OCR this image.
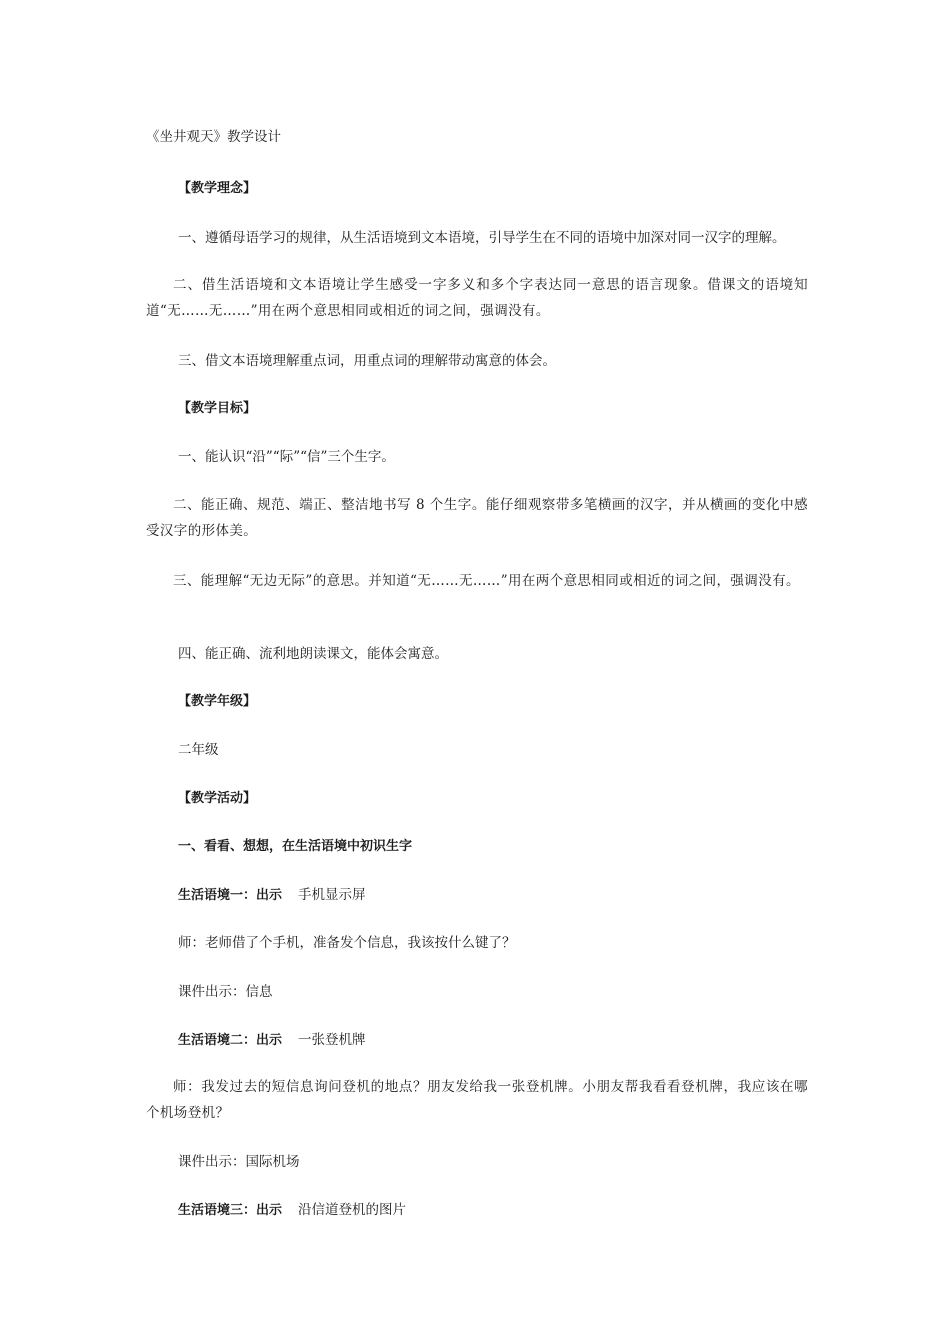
《坐井观天》教学设计
【教学理念】
一、遵循母语学习的规律，从生活语境到文本语境，引导学生在不同的语境中加深对同一汉字的理解。
二、借生活语境和文本语境让学生感受一字多义和多个字表达同一意思的语言现象。借课文的语境知道“无……无……”用在两个意思相同或相近的词之间，强调没有。
三、借文本语境理解重点词，用重点词的理解带动寓意的体会。
【教学目标】
一、能认识“沿”“际”“信”三个生字。
二、能正确、规范、端正、整洁地书写 8 个生字。能仔细观察带多笔横画的汉字，并从横画的变化中感受汉字的形体美。
三、能理解“无边无际”的意思。并知道“无……无……”用在两个意思相同或相近的词之间，强调没有。
四、能正确、流利地朗读课文，能体会寓意。
【教学年级】
二年级
【教学活动】
一、看看、想想，在生活语境中初识生字
生活语境一：出示 手机显示屏
师：老师借了个手机，准备发个信息，我该按什么键了？
课件出示：信息
生活语境二：出示 一张登机牌
师：我发过去的短信息询问登机的地点？朋友发给我一张登机牌。小朋友帮我看看登机牌，我应该在哪个机场登机？
课件出示：国际机场
生活语境三：出示 沿信道登机的图片
